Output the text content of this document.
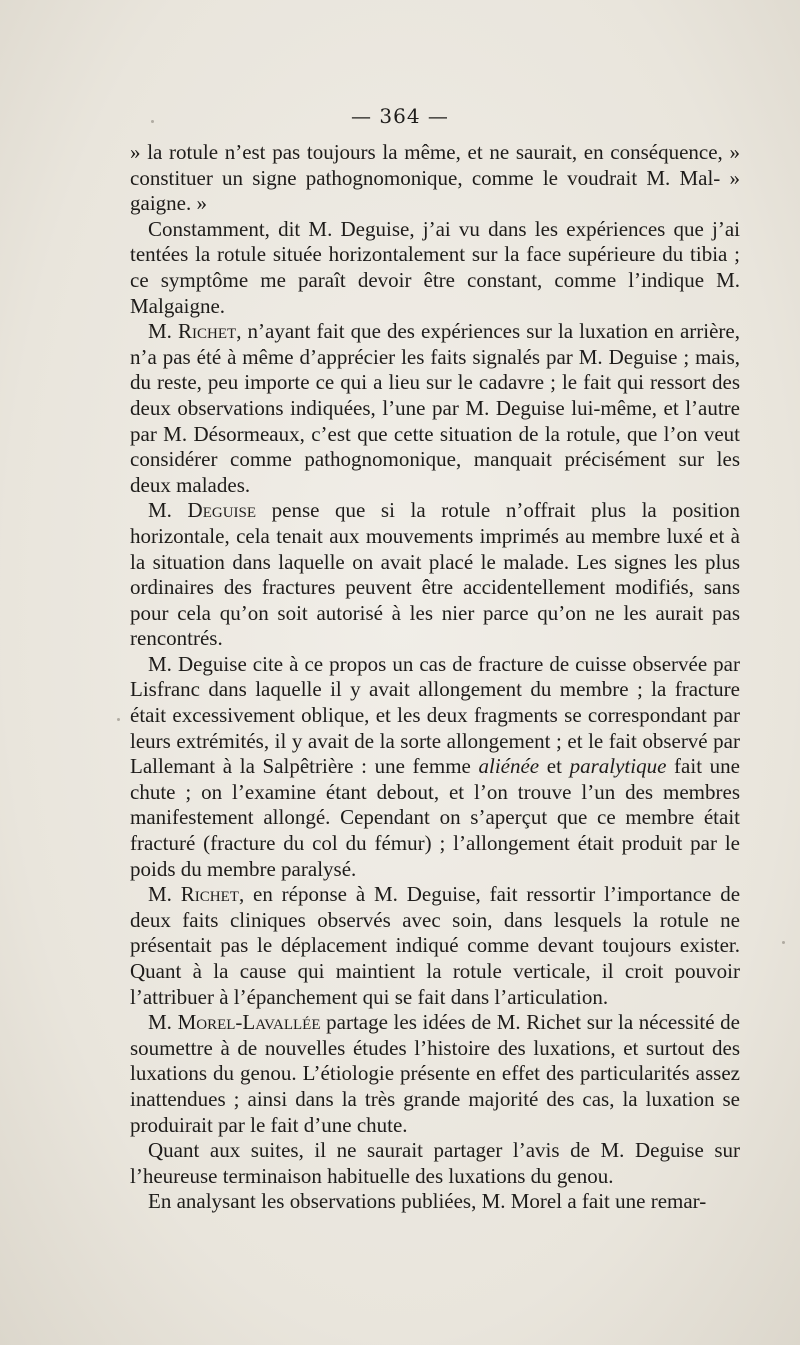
— 364 —

» la rotule n’est pas toujours la même, et ne saurait, en conséquence, » constituer un signe pathognomonique, comme le voudrait M. Mal- » gaigne. »

Constamment, dit M. Deguise, j’ai vu dans les expériences que j’ai tentées la rotule située horizontalement sur la face supérieure du tibia ; ce symptôme me paraît devoir être constant, comme l’indique M. Malgaigne.

M. Richet, n’ayant fait que des expériences sur la luxation en arrière, n’a pas été à même d’apprécier les faits signalés par M. Deguise ; mais, du reste, peu importe ce qui a lieu sur le cadavre ; le fait qui ressort des deux observations indiquées, l’une par M. Deguise lui-même, et l’autre par M. Désormeaux, c’est que cette situation de la rotule, que l’on veut considérer comme pathognomonique, manquait précisément sur les deux malades.

M. Deguise pense que si la rotule n’offrait plus la position horizontale, cela tenait aux mouvements imprimés au membre luxé et à la situation dans laquelle on avait placé le malade. Les signes les plus ordinaires des fractures peuvent être accidentellement modifiés, sans pour cela qu’on soit autorisé à les nier parce qu’on ne les aurait pas rencontrés.

M. Deguise cite à ce propos un cas de fracture de cuisse observée par Lisfranc dans laquelle il y avait allongement du membre ; la fracture était excessivement oblique, et les deux fragments se correspondant par leurs extrémités, il y avait de la sorte allongement ; et le fait observé par Lallemant à la Salpêtrière : une femme aliénée et paralytique fait une chute ; on l’examine étant debout, et l’on trouve l’un des membres manifestement allongé. Cependant on s’aperçut que ce membre était fracturé (fracture du col du fémur) ; l’allongement était produit par le poids du membre paralysé.

M. Richet, en réponse à M. Deguise, fait ressortir l’importance de deux faits cliniques observés avec soin, dans lesquels la rotule ne présentait pas le déplacement indiqué comme devant toujours exister. Quant à la cause qui maintient la rotule verticale, il croit pouvoir l’attribuer à l’épanchement qui se fait dans l’articulation.

M. Morel-Lavallée partage les idées de M. Richet sur la nécessité de soumettre à de nouvelles études l’histoire des luxations, et surtout des luxations du genou. L’étiologie présente en effet des particularités assez inattendues ; ainsi dans la très grande majorité des cas, la luxation se produirait par le fait d’une chute.

Quant aux suites, il ne saurait partager l’avis de M. Deguise sur l’heureuse terminaison habituelle des luxations du genou.

En analysant les observations publiées, M. Morel a fait une remar-
